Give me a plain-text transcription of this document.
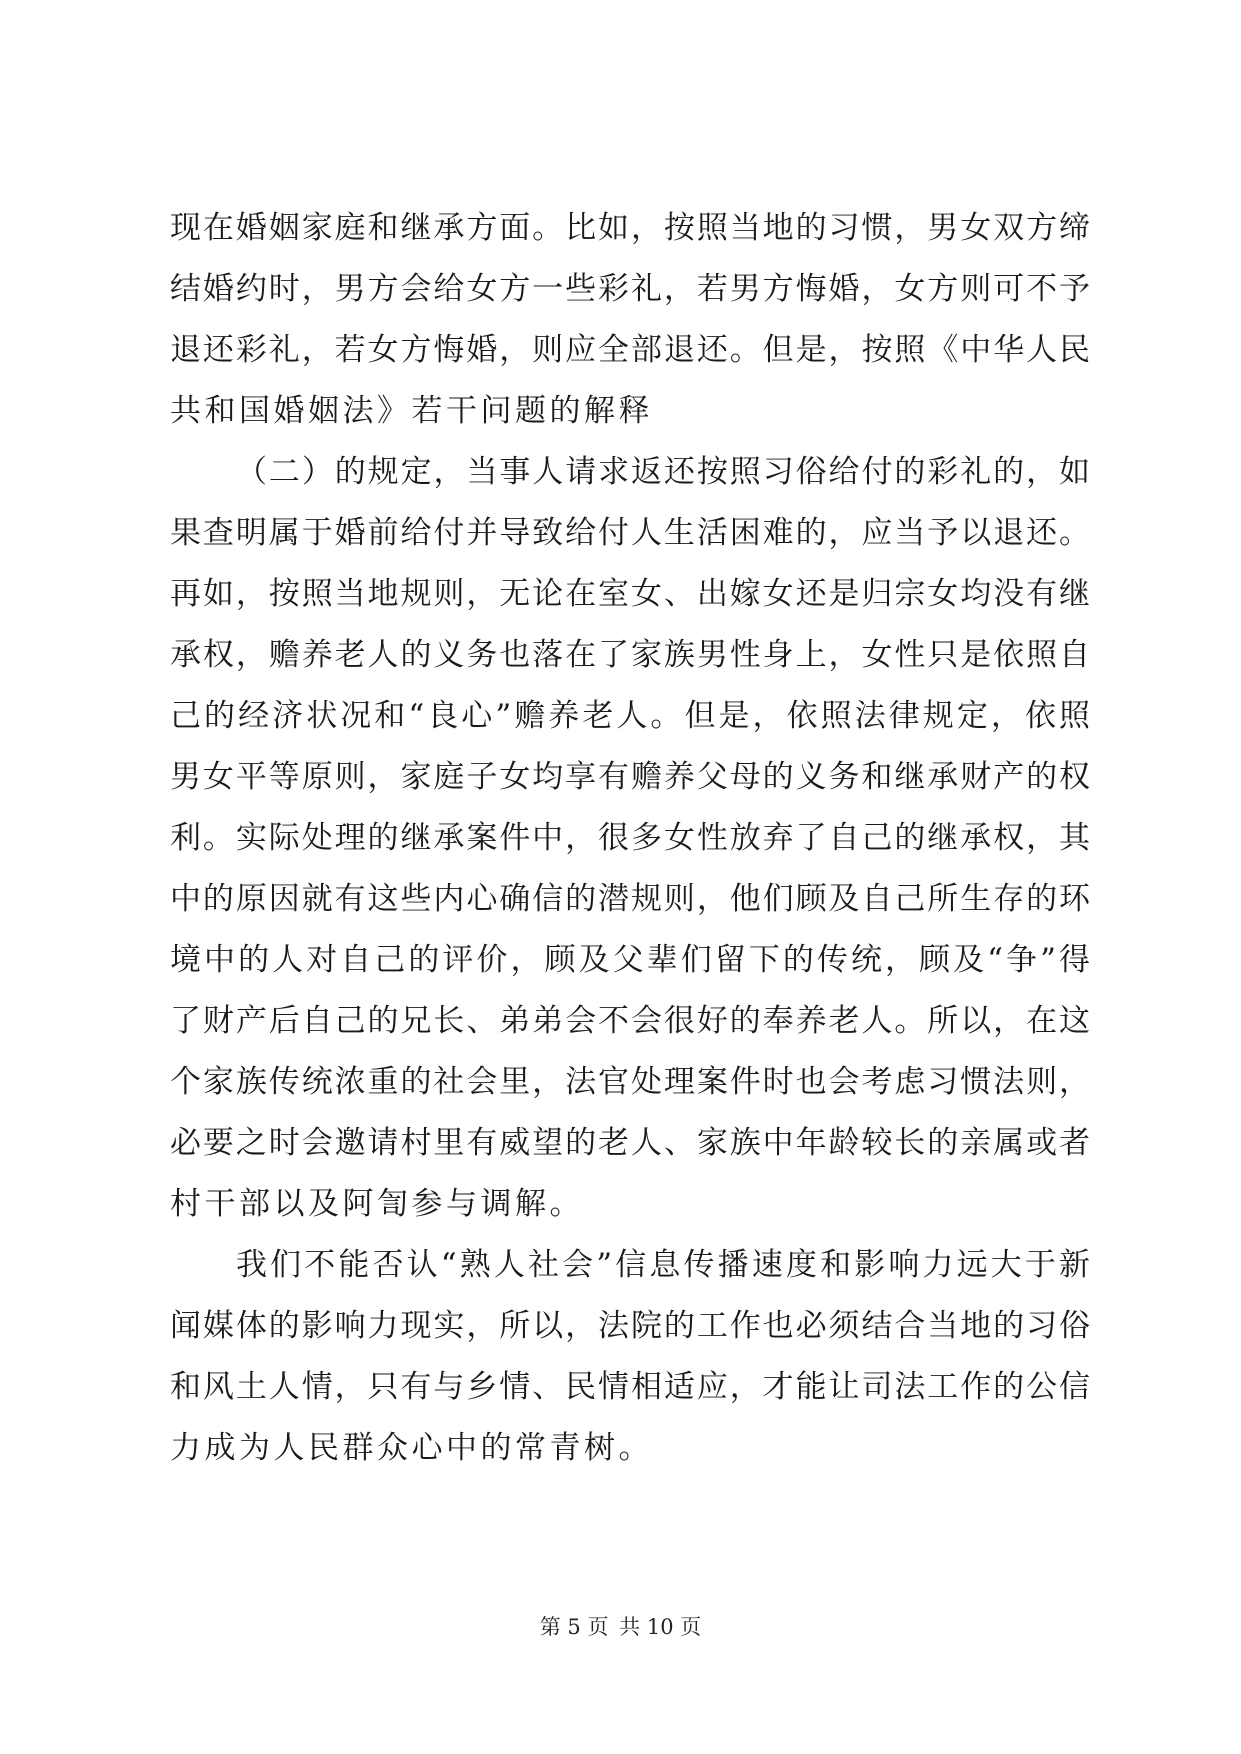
现在婚姻家庭和继承方面。比如，按照当地的习惯，男女双方缔
结婚约时，男方会给女方一些彩礼，若男方悔婚，女方则可不予
退还彩礼，若女方悔婚，则应全部退还。但是，按照《中华人民
共和国婚姻法》若干问题的解释
（二）的规定，当事人请求返还按照习俗给付的彩礼的，如
果查明属于婚前给付并导致给付人生活困难的，应当予以退还。
再如，按照当地规则，无论在室女、出嫁女还是归宗女均没有继
承权，赡养老人的义务也落在了家族男性身上，女性只是依照自
己的经济状况和“良心”赡养老人。但是，依照法律规定，依照
男女平等原则，家庭子女均享有赡养父母的义务和继承财产的权
利。实际处理的继承案件中，很多女性放弃了自己的继承权，其
中的原因就有这些内心确信的潜规则，他们顾及自己所生存的环
境中的人对自己的评价，顾及父辈们留下的传统，顾及“争”得
了财产后自己的兄长、弟弟会不会很好的奉养老人。所以，在这
个家族传统浓重的社会里，法官处理案件时也会考虑习惯法则，
必要之时会邀请村里有威望的老人、家族中年龄较长的亲属或者
村干部以及阿訇参与调解。
我们不能否认“熟人社会”信息传播速度和影响力远大于新
闻媒体的影响力现实，所以，法院的工作也必须结合当地的习俗
和风土人情，只有与乡情、民情相适应，才能让司法工作的公信
力成为人民群众心中的常青树。
第 5 页 共 10 页
